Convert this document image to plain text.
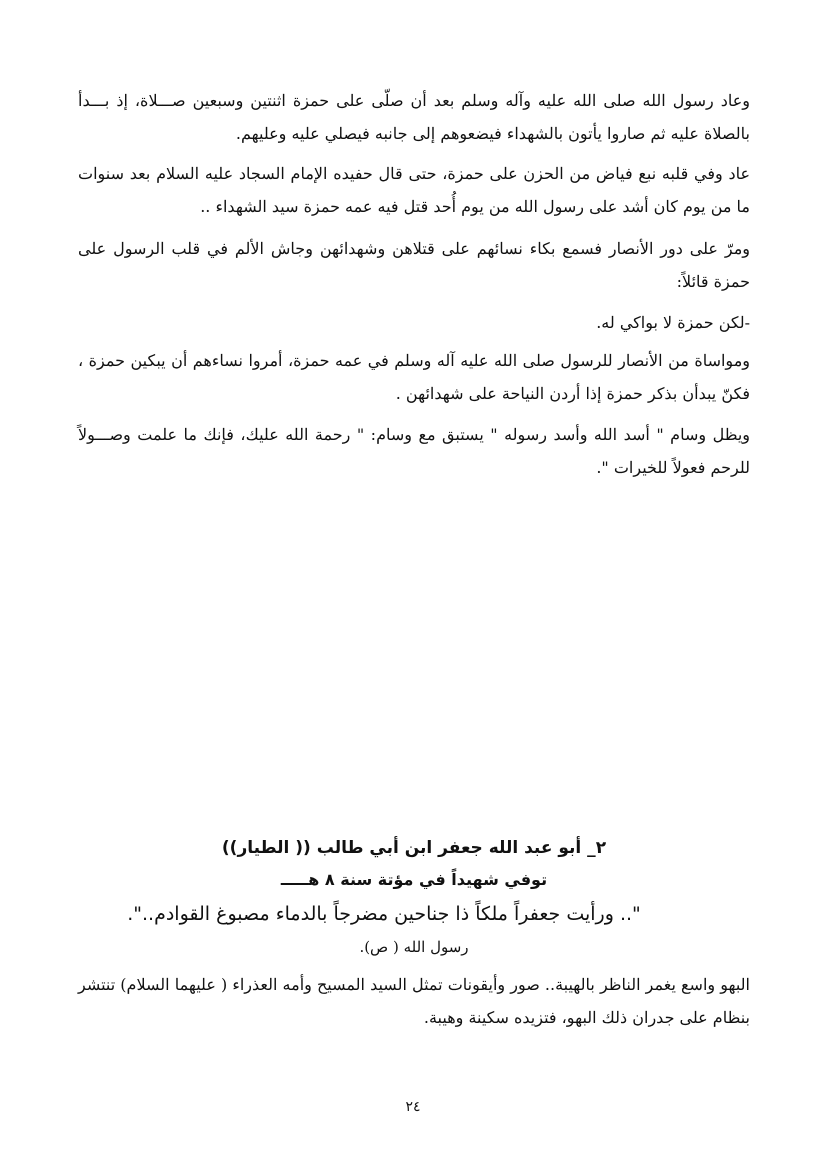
وعاد رسول الله صلى الله عليه وآله وسلم بعد أن صلّى على حمزة اثنتين وسبعين صـــلاة، إذ بـــدأ بالصلاة عليه ثم صاروا يأتون بالشهداء فيضعوهم إلى جانبه فيصلي عليه وعليهم.

عاد وفي قلبه نبع فياض من الحزن على حمزة، حتى قال حفيده الإمام السجاد عليه السلام بعد سنوات ما من يوم كان أشد على رسول الله من يوم أُحد قتل فيه عمه حمزة سيد الشهداء ..

ومرّ على دور الأنصار فسمع بكاء نسائهم على قتلاهن وشهدائهن وجاش الألم في قلب الرسول على حمزة قائلاً:

-لكن حمزة لا بواكي له.

ومواساة من الأنصار للرسول صلى الله عليه آله وسلم في عمه حمزة، أمروا نساءهم أن يبكين حمزة ، فكنّ يبدأن بذكر حمزة إذا أردن النياحة على شهدائهن .

ويظل وسام " أسد الله وأسد رسوله " يستبق مع وسام: " رحمة الله عليك، فإنك ما علمت وصـــولاً للرحم فعولاً للخيرات ".

٢_ أبو عبد الله جعفر ابن أبي طالب (( الطيار))
توفي شهيداً في مؤتة سنة ٨ هـــــ

".. ورأيت جعفراً ملكاً ذا جناحين مضرجاً بالدماء مصبوغ القوادم..".

رسول الله ( ص).

البهو واسع يغمر الناظر بالهيبة.. صور وأيقونات تمثل السيد المسيح وأمه العذراء ( عليهما السلام) تنتشر بنظام على جدران ذلك البهو، فتزيده سكينة وهيبة.

٢٤
